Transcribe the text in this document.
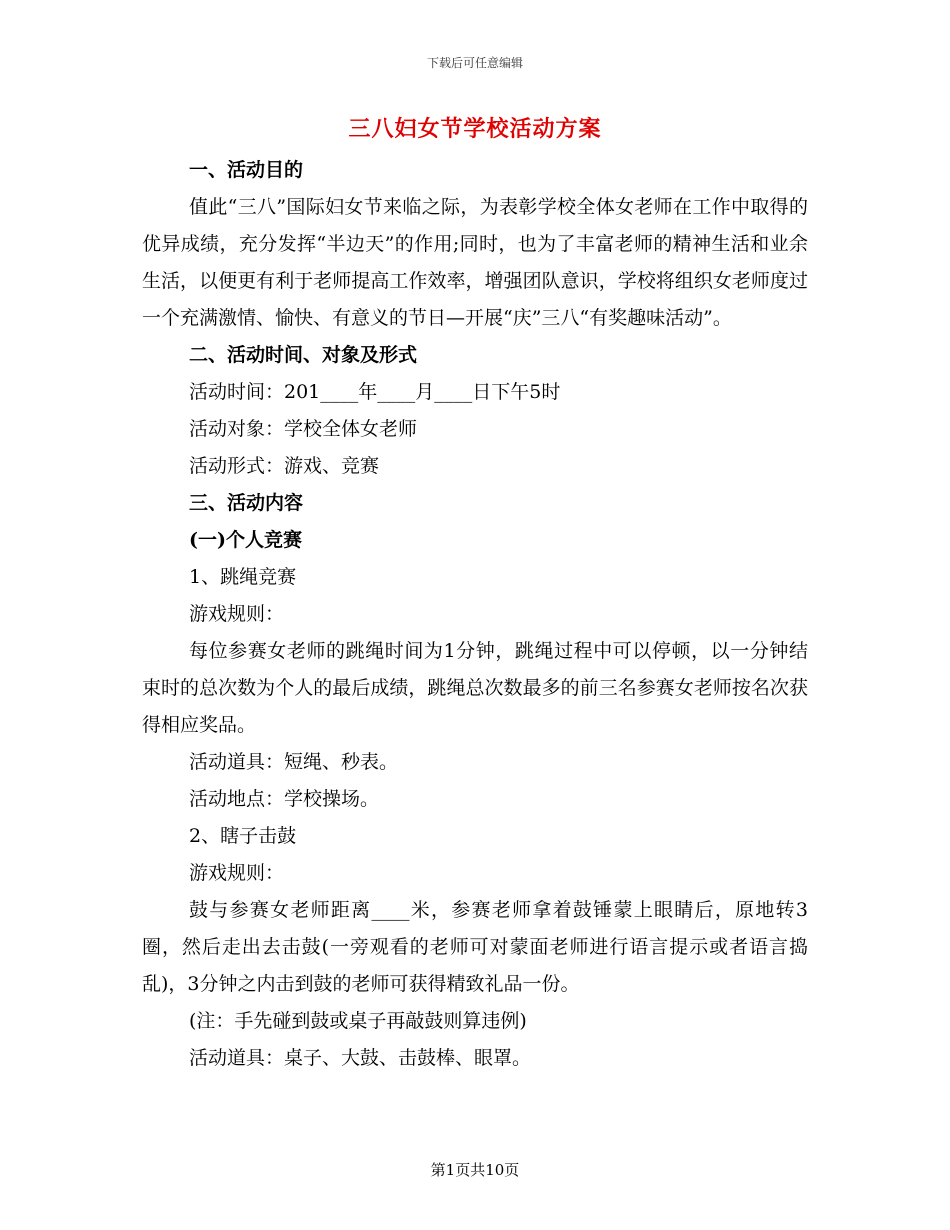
下载后可任意编辑
三八妇女节学校活动方案

一、活动目的

值此“三八”国际妇女节来临之际，为表彰学校全体女老师在工作中取得的优异成绩，充分发挥“半边天”的作用;同时，也为了丰富老师的精神生活和业余生活，以便更有利于老师提高工作效率，增强团队意识，学校将组织女老师度过一个充满激情、愉快、有意义的节日—开展“庆”三八“有奖趣味活动”。

二、活动时间、对象及形式

活动时间：201____年____月____日下午5时

活动对象：学校全体女老师

活动形式：游戏、竞赛

三、活动内容

(一)个人竞赛

1、跳绳竞赛

游戏规则：

每位参赛女老师的跳绳时间为1分钟，跳绳过程中可以停顿，以一分钟结束时的总次数为个人的最后成绩，跳绳总次数最多的前三名参赛女老师按名次获得相应奖品。

活动道具：短绳、秒表。

活动地点：学校操场。

2、瞎子击鼓

游戏规则：

鼓与参赛女老师距离____米，参赛老师拿着鼓锤蒙上眼睛后，原地转3圈，然后走出去击鼓(一旁观看的老师可对蒙面老师进行语言提示或者语言捣乱)，3分钟之内击到鼓的老师可获得精致礼品一份。

(注：手先碰到鼓或桌子再敲鼓则算违例)

活动道具：桌子、大鼓、击鼓棒、眼罩。

第1页共10页
